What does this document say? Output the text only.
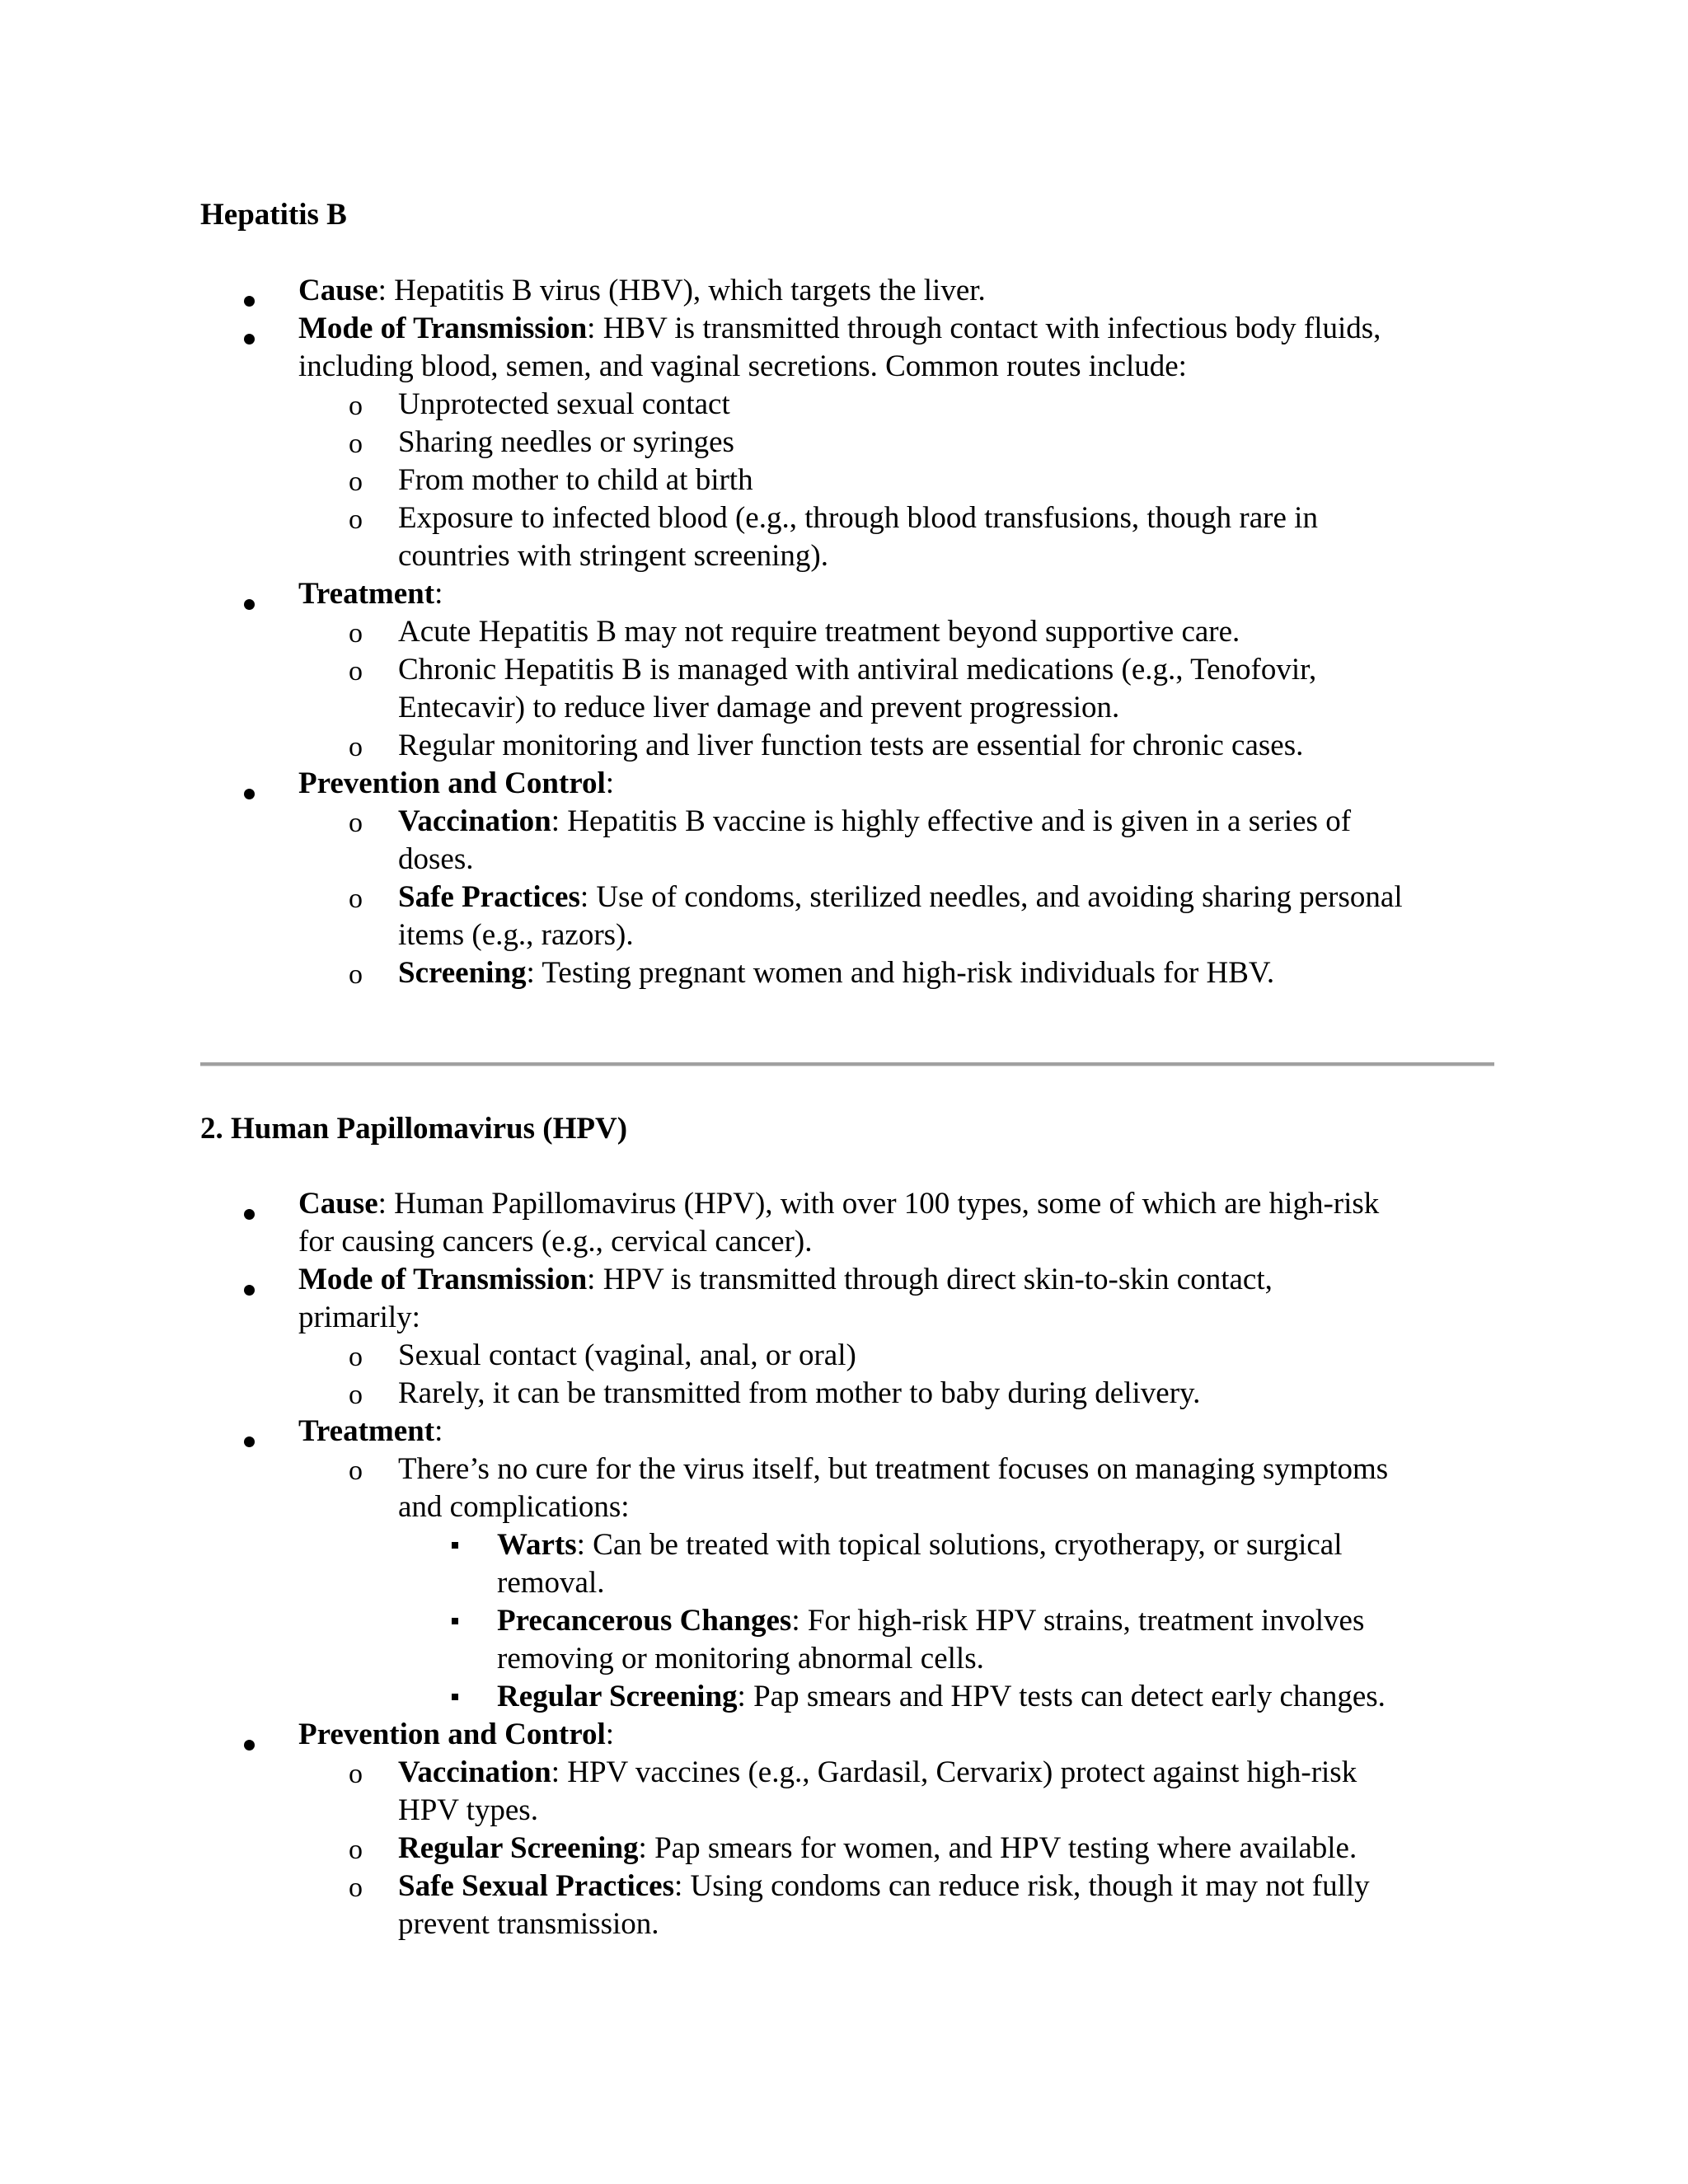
Hepatitis B
Cause: Hepatitis B virus (HBV), which targets the liver.
Mode of Transmission: HBV is transmitted through contact with infectious body fluids,
including blood, semen, and vaginal secretions. Common routes include:
o Unprotected sexual contact
o Sharing needles or syringes
o From mother to child at birth
o Exposure to infected blood (e.g., through blood transfusions, though rare in
countries with stringent screening).
Treatment:
o Acute Hepatitis B may not require treatment beyond supportive care.
o Chronic Hepatitis B is managed with antiviral medications (e.g., Tenofovir,
Entecavir) to reduce liver damage and prevent progression.
o Regular monitoring and liver function tests are essential for chronic cases.
Prevention and Control:
o Vaccination: Hepatitis B vaccine is highly effective and is given in a series of
doses.
o Safe Practices: Use of condoms, sterilized needles, and avoiding sharing personal
items (e.g., razors).
o Screening: Testing pregnant women and high-risk individuals for HBV.
2. Human Papillomavirus (HPV)
Cause: Human Papillomavirus (HPV), with over 100 types, some of which are high-risk
for causing cancers (e.g., cervical cancer).
Mode of Transmission: HPV is transmitted through direct skin-to-skin contact,
primarily:
o Sexual contact (vaginal, anal, or oral)
o Rarely, it can be transmitted from mother to baby during delivery.
Treatment:
o There’s no cure for the virus itself, but treatment focuses on managing symptoms
and complications:
Warts: Can be treated with topical solutions, cryotherapy, or surgical
removal.
Precancerous Changes: For high-risk HPV strains, treatment involves
removing or monitoring abnormal cells.
Regular Screening: Pap smears and HPV tests can detect early changes.
Prevention and Control:
o Vaccination: HPV vaccines (e.g., Gardasil, Cervarix) protect against high-risk
HPV types.
o Regular Screening: Pap smears for women, and HPV testing where available.
o Safe Sexual Practices: Using condoms can reduce risk, though it may not fully
prevent transmission.
